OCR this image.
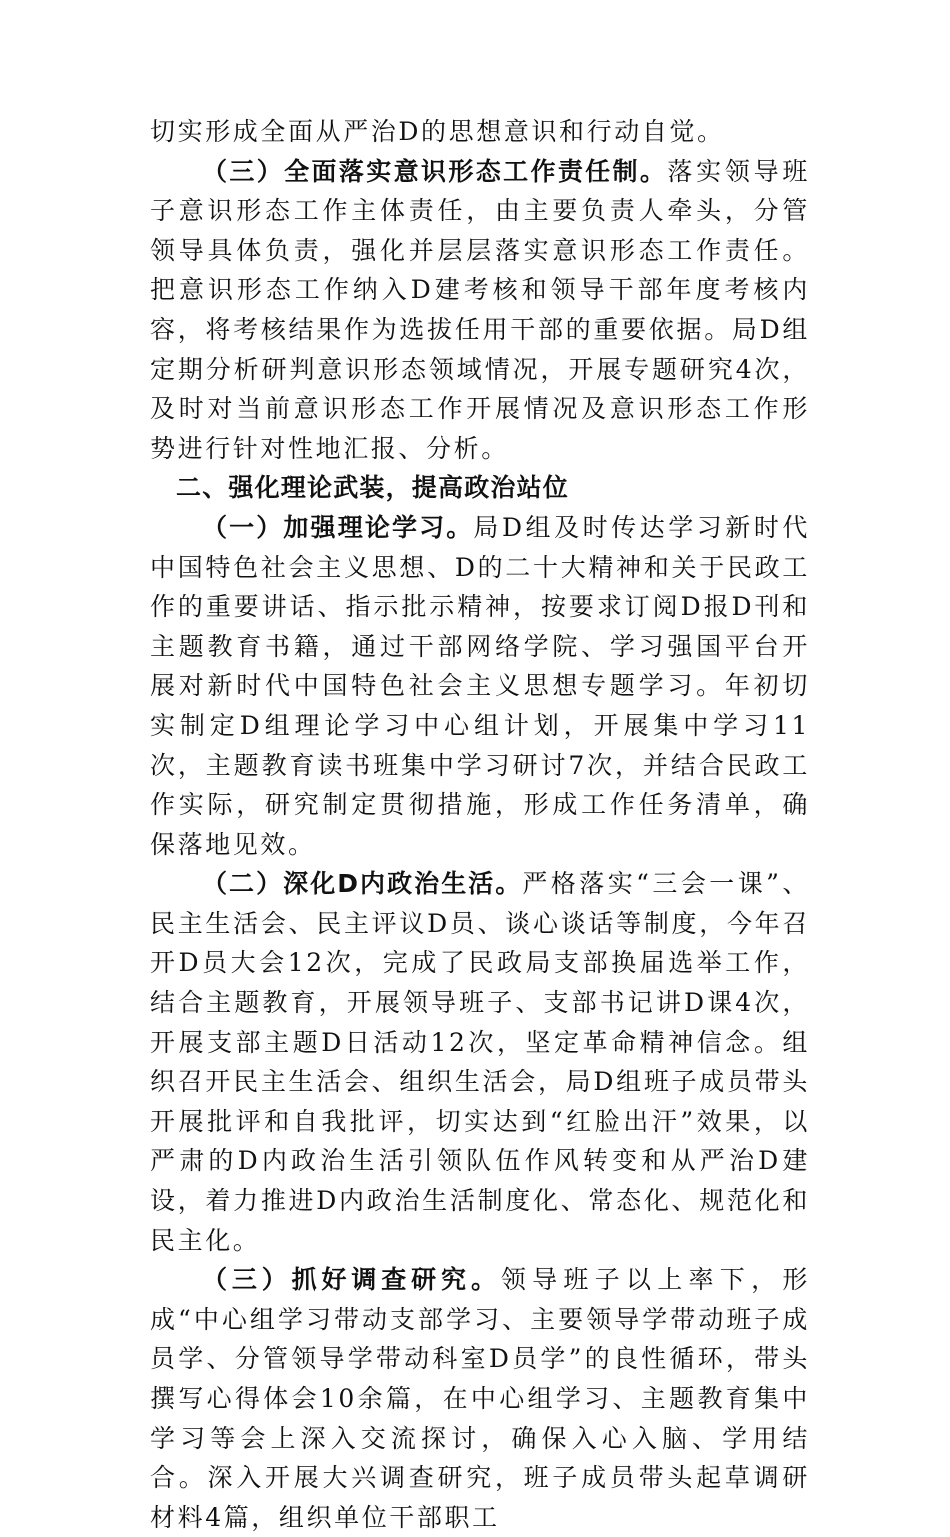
切实形成全面从严治D的思想意识和行动自觉。

（三）全面落实意识形态工作责任制。落实领导班子意识形态工作主体责任，由主要负责人牵头，分管领导具体负责，强化并层层落实意识形态工作责任。把意识形态工作纳入D建考核和领导干部年度考核内容，将考核结果作为选拔任用干部的重要依据。局D组定期分析研判意识形态领域情况，开展专题研究4次，及时对当前意识形态工作开展情况及意识形态工作形势进行针对性地汇报、分析。

二、强化理论武装，提高政治站位

（一）加强理论学习。局D组及时传达学习新时代中国特色社会主义思想、D的二十大精神和关于民政工作的重要讲话、指示批示精神，按要求订阅D报D刊和主题教育书籍，通过干部网络学院、学习强国平台开展对新时代中国特色社会主义思想专题学习。年初切实制定D组理论学习中心组计划，开展集中学习11次，主题教育读书班集中学习研讨7次，并结合民政工作实际，研究制定贯彻措施，形成工作任务清单，确保落地见效。

（二）深化D内政治生活。严格落实“三会一课”、民主生活会、民主评议D员、谈心谈话等制度，今年召开D员大会12次，完成了民政局支部换届选举工作，结合主题教育，开展领导班子、支部书记讲D课4次，开展支部主题D日活动12次，坚定革命精神信念。组织召开民主生活会、组织生活会，局D组班子成员带头开展批评和自我批评，切实达到“红脸出汗”效果，以严肃的D内政治生活引领队伍作风转变和从严治D建设，着力推进D内政治生活制度化、常态化、规范化和民主化。

（三）抓好调查研究。领导班子以上率下，形成“中心组学习带动支部学习、主要领导学带动班子成员学、分管领导学带动科室D员学”的良性循环，带头撰写心得体会10余篇，在中心组学习、主题教育集中学习等会上深入交流探讨，确保入心入脑、学用结合。深入开展大兴调查研究，班子成员带头起草调研材料4篇，组织单位干部职工
